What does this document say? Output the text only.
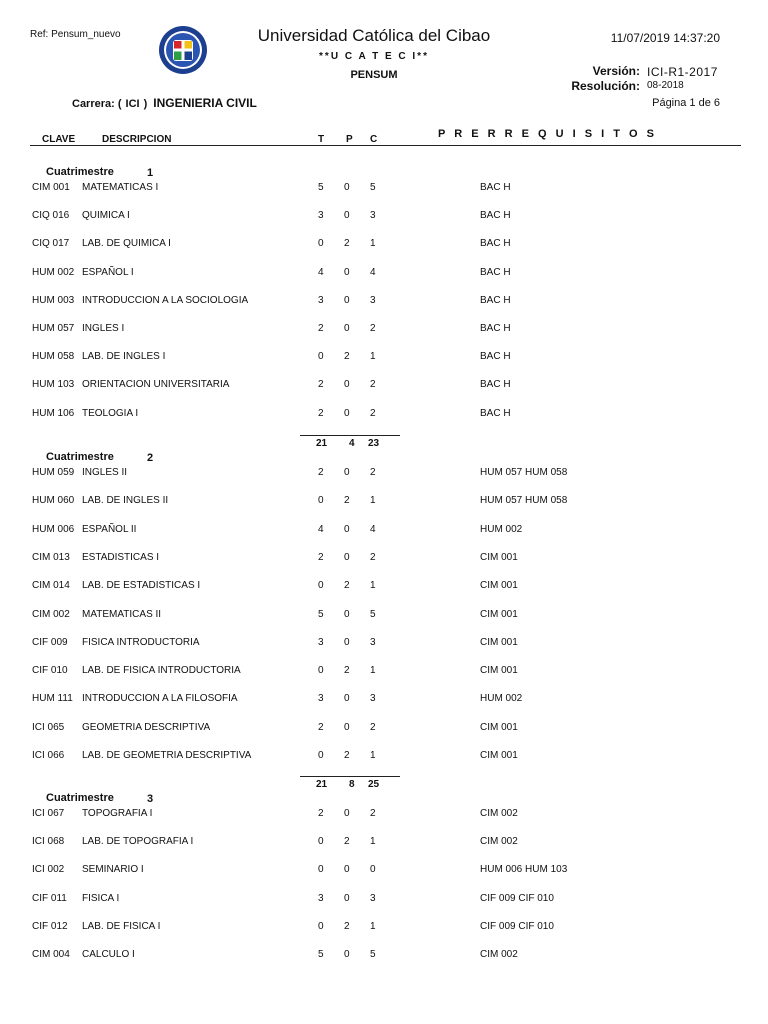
Ref: Pensum_nuevo	Universidad Católica del Cibao
**U C A T E C I**
PENSUM
11/07/2019 14:37:20
Versión: ICI-R1-2017
Resolución: 08-2018
Carrera: ( ICI ) INGENIERIA CIVIL	Página 1 de 6
CLAVE	DESCRIPCION	T P C	P R E R R E Q U I S I T O S
Cuatrimestre	1
CIM 001 MATEMATICAS I	5 0 5	BAC H
CIQ 016 QUIMICA I	3 0 3	BAC H
CIQ 017 LAB. DE QUIMICA I	0 2 1	BAC H
HUM 002 ESPAÑOL I	4 0 4	BAC H
HUM 003 INTRODUCCION A LA SOCIOLOGIA	3 0 3	BAC H
HUM 057 INGLES I	2 0 2	BAC H
HUM 058 LAB. DE INGLES I	0 2 1	BAC H
HUM 103 ORIENTACION UNIVERSITARIA	2 0 2	BAC H
HUM 106 TEOLOGIA I	2 0 2	BAC H
21 4 23
Cuatrimestre	2
HUM 059 INGLES II	2 0 2	HUM 057 HUM 058
HUM 060 LAB. DE INGLES II	0 2 1	HUM 057 HUM 058
HUM 006 ESPAÑOL II	4 0 4	HUM 002
CIM 013 ESTADISTICAS I	2 0 2	CIM 001
CIM 014 LAB. DE ESTADISTICAS I	0 2 1	CIM 001
CIM 002 MATEMATICAS II	5 0 5	CIM 001
CIF 009 FISICA INTRODUCTORIA	3 0 3	CIM 001
CIF 010 LAB. DE FISICA INTRODUCTORIA	0 2 1	CIM 001
HUM 111 INTRODUCCION A LA FILOSOFIA	3 0 3	HUM 002
ICI 065 GEOMETRIA DESCRIPTIVA	2 0 2	CIM 001
ICI 066 LAB. DE GEOMETRIA DESCRIPTIVA	0 2 1	CIM 001
21 8 25
Cuatrimestre	3
ICI 067 TOPOGRAFIA I	2 0 2	CIM 002
ICI 068 LAB. DE TOPOGRAFIA I	0 2 1	CIM 002
ICI 002 SEMINARIO I	0 0 0	HUM 006 HUM 103
CIF 011 FISICA I	3 0 3	CIF 009 CIF 010
CIF 012 LAB. DE FISICA I	0 2 1	CIF 009 CIF 010
CIM 004 CALCULO I	5 0 5	CIM 002
